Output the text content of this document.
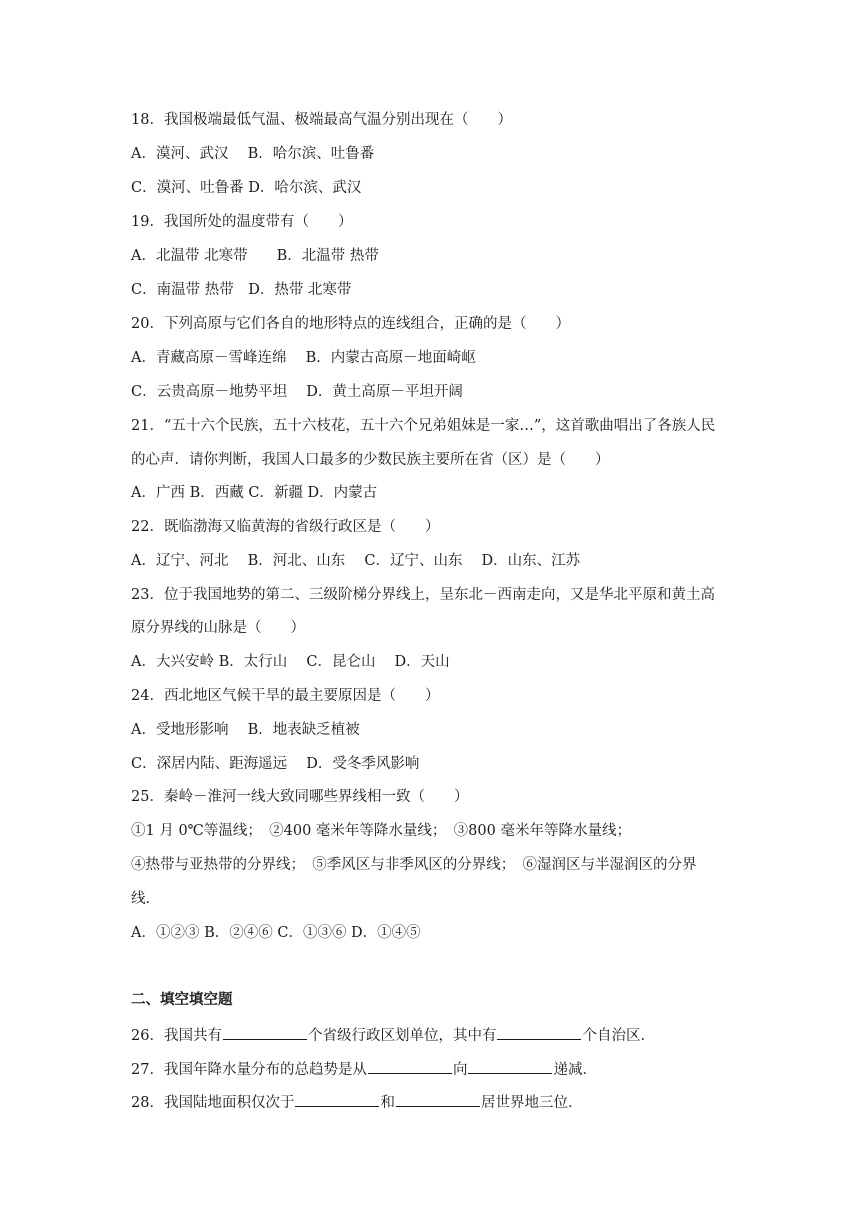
18．我国极端最低气温、极端最高气温分别出现在（　　）
A．漠河、武汉　 B．哈尔滨、吐鲁番
C．漠河、吐鲁番 D．哈尔滨、武汉
19．我国所处的温度带有（　　）
A．北温带 北寒带　　B．北温带 热带
C．南温带 热带　D．热带 北寒带
20．下列高原与它们各自的地形特点的连线组合，正确的是（　　）
A．青藏高原－雪峰连绵　 B．内蒙古高原－地面崎岖
C．云贵高原－地势平坦　 D．黄土高原－平坦开阔
21．“五十六个民族，五十六枝花，五十六个兄弟姐妹是一家…”，这首歌曲唱出了各族人民
的心声．请你判断，我国人口最多的少数民族主要所在省（区）是（　　）
A．广西 B．西藏 C．新疆 D．内蒙古
22．既临渤海又临黄海的省级行政区是（　　）
A．辽宁、河北　 B．河北、山东　 C．辽宁、山东　 D．山东、江苏
23．位于我国地势的第二、三级阶梯分界线上，呈东北－西南走向，又是华北平原和黄土高
原分界线的山脉是（　　）
A．大兴安岭 B．太行山　 C．昆仑山　 D．天山
24．西北地区气候干旱的最主要原因是（　　）
A．受地形影响　 B．地表缺乏植被
C．深居内陆、距海遥远　 D．受冬季风影响
25．秦岭－淮河一线大致同哪些界线相一致（　　）
①1 月 0℃等温线；　②400 毫米年等降水量线；　③800 毫米年等降水量线；
④热带与亚热带的分界线；　⑤季风区与非季风区的分界线；　⑥湿润区与半湿润区的分界
线．
A．①②③ B．②④⑥ C．①③⑥ D．①④⑤
二、填空填空题
26．我国共有	个省级行政区划单位，其中有	个自治区．
27．我国年降水量分布的总趋势是从	向	递减．
28．我国陆地面积仅次于	和	居世界地三位．
